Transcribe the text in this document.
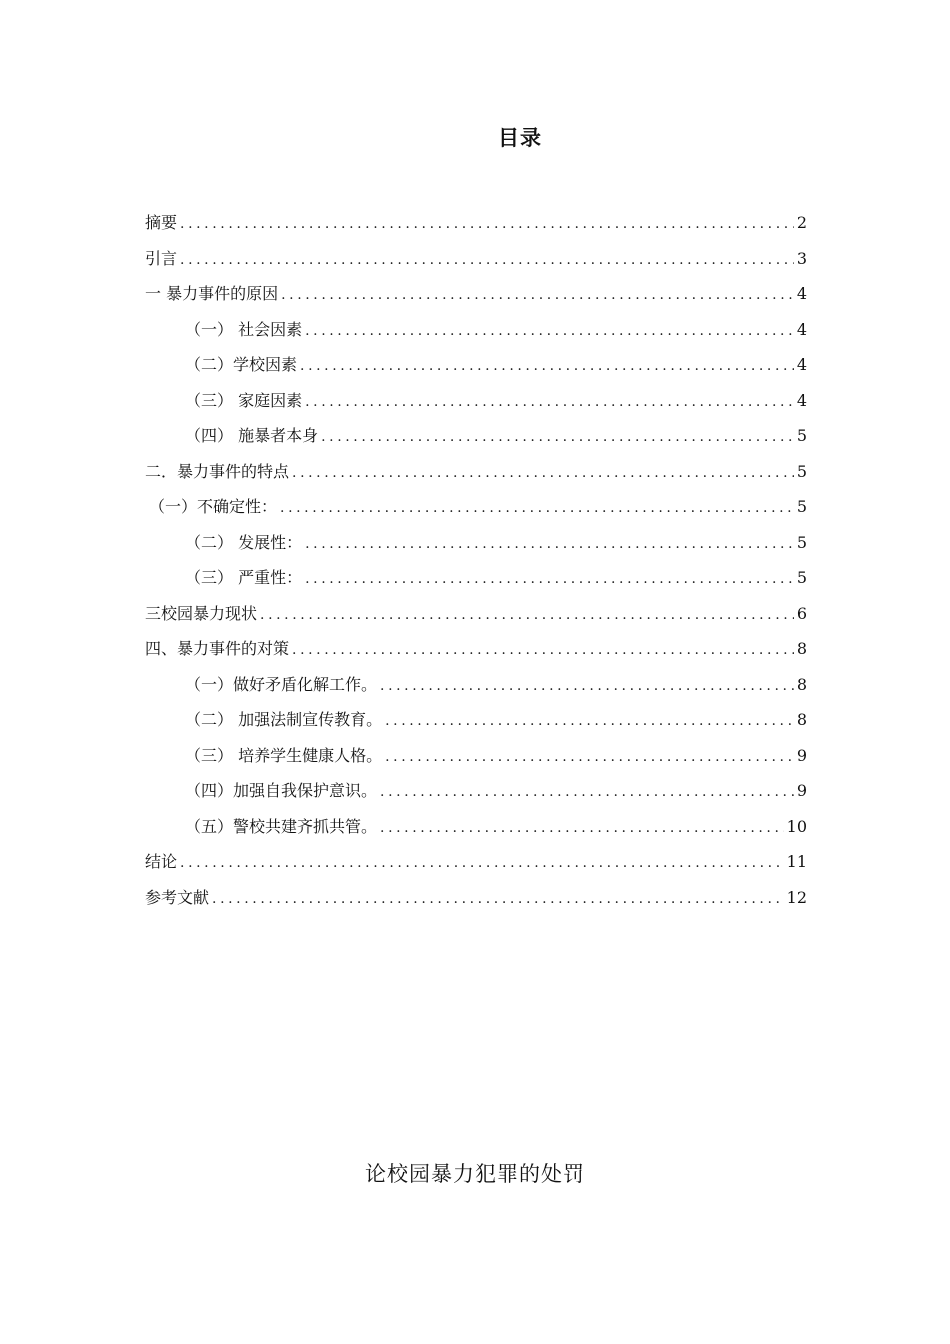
目录
摘要 .....	2
引言 .....	3
一 暴力事件的原因 .....	4
（一） 社会因素 .....	4
（二）学校因素 .....	4
（三） 家庭因素 .....	4
（四） 施暴者本身 .....	5
二．暴力事件的特点 .....	5
（一）不确定性： .....	5
（二） 发展性： .....	5
（三） 严重性： .....	5
三校园暴力现状 .....	6
四、暴力事件的对策 .....	8
（一）做好矛盾化解工作。 .....	8
（二） 加强法制宣传教育。 .....	8
（三） 培养学生健康人格。 .....	9
（四）加强自我保护意识。 .....	9
（五）警校共建齐抓共管。 .....	10
结论 .....	11
参考文献 .....	12
论校园暴力犯罪的处罚
